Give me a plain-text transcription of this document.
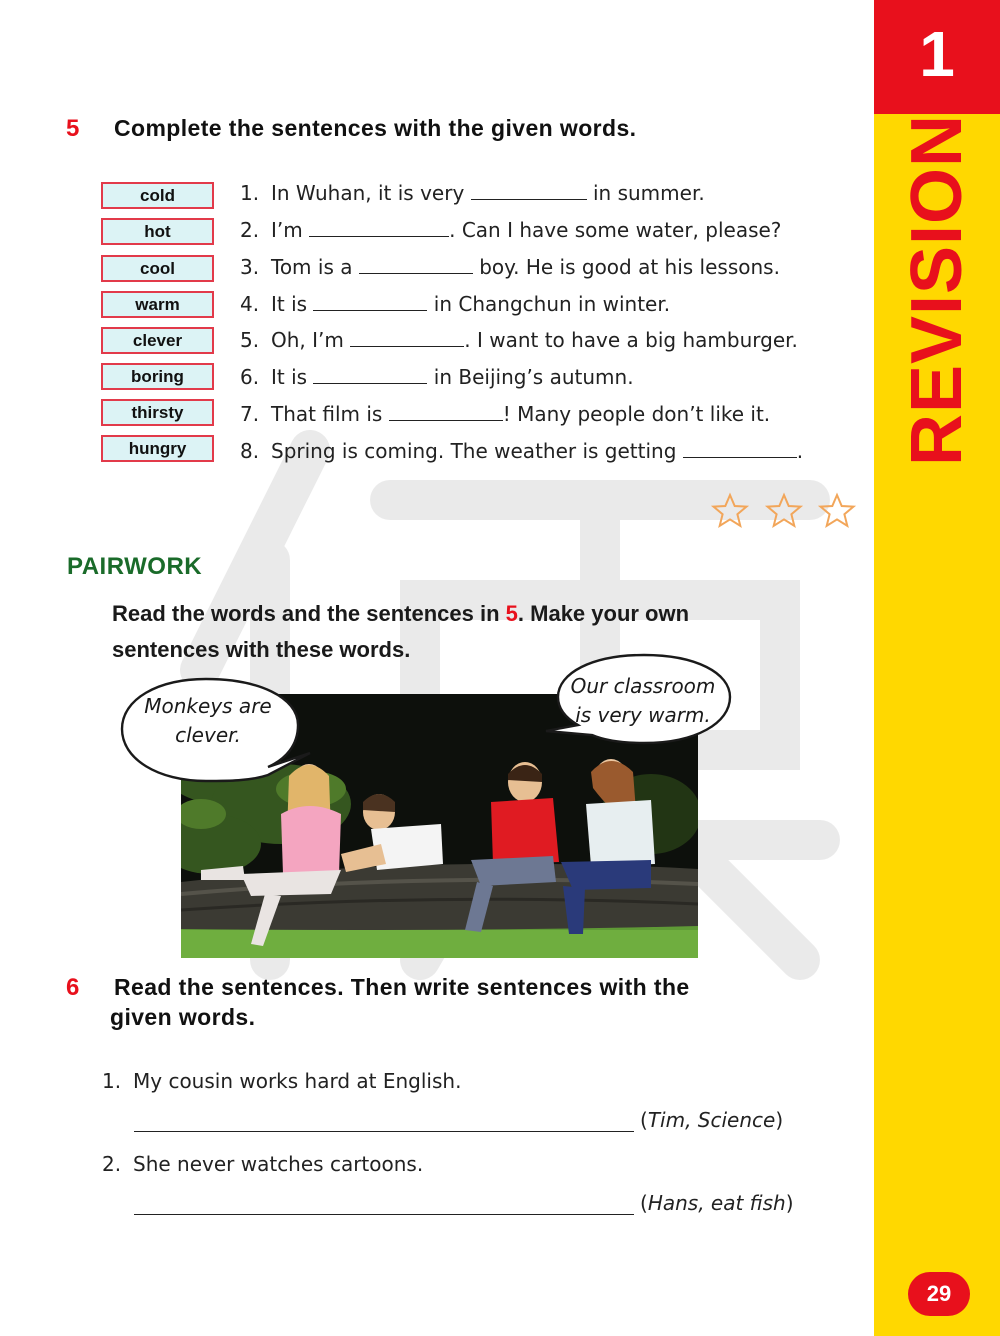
1
REVISION
29
5 Complete the sentences with the given words.
cold
hot
cool
warm
clever
boring
thirsty
hungry
1. In Wuhan, it is very	in summer.
2. I’m	. Can I have some water, please?
3. Tom is a	boy. He is good at his lessons.
4. It is	in Changchun in winter.
5. Oh, I’m	. I want to have a big hamburger.
6. It is	in Beijing’s autumn.
7. That film is	! Many people don’t like it.
8. Spring is coming. The weather is getting	.
PAIRWORK
Read the words and the sentences in 5. Make your own
sentences with these words.
Monkeys are
clever.
Our classroom
is very warm.
6 Read the sentences. Then write sentences with the
given words.
1. My cousin works hard at English.
(Tim, Science)
2. She never watches cartoons.
(Hans, eat fish)
